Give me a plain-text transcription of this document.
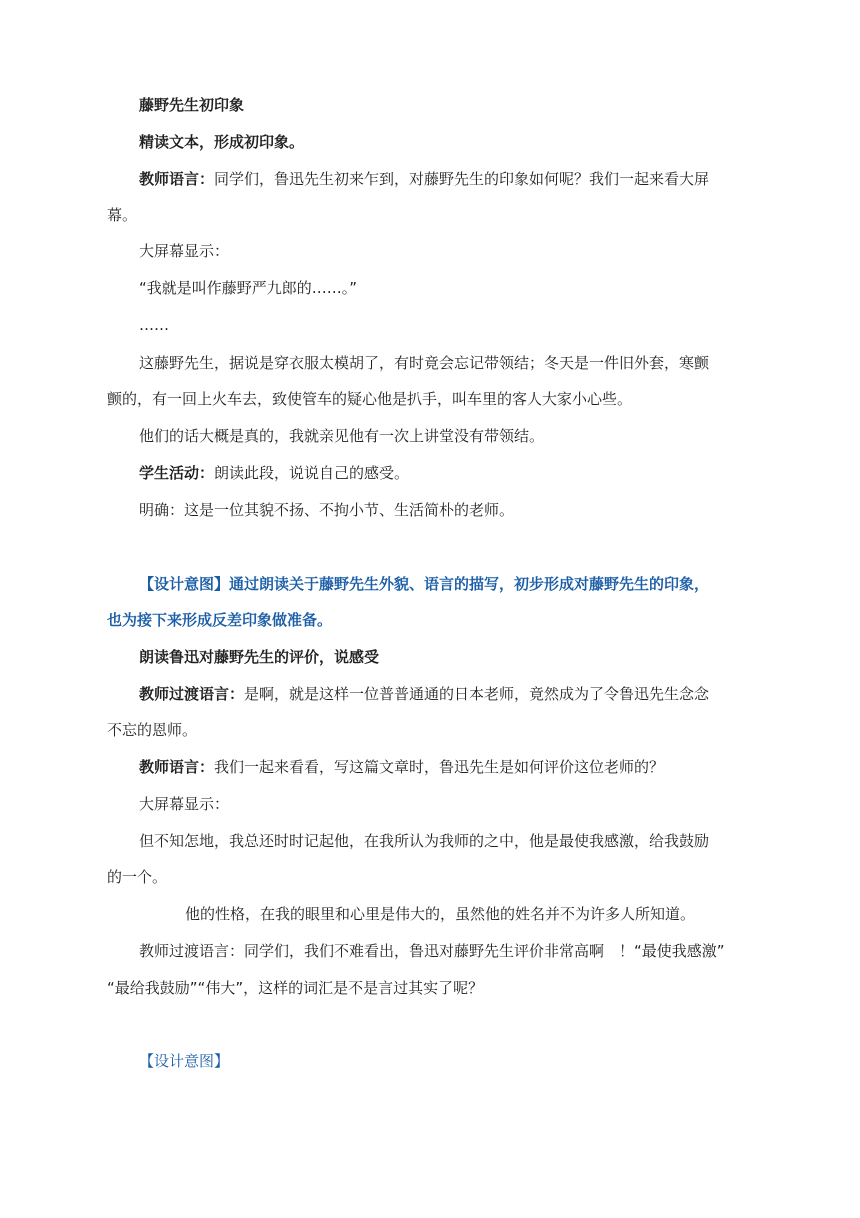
藤野先生初印象
精读文本，形成初印象。
教师语言：同学们，鲁迅先生初来乍到，对藤野先生的印象如何呢？我们一起来看大屏
幕。
大屏幕显示：
“我就是叫作藤野严九郎的……。”
……
这藤野先生，据说是穿衣服太模胡了，有时竟会忘记带领结；冬天是一件旧外套，寒颤
颤的，有一回上火车去，致使管车的疑心他是扒手，叫车里的客人大家小心些。
他们的话大概是真的，我就亲见他有一次上讲堂没有带领结。
学生活动：朗读此段，说说自己的感受。
明确：这是一位其貌不扬、不拘小节、生活简朴的老师。
【设计意图】通过朗读关于藤野先生外貌、语言的描写，初步形成对藤野先生的印象，
也为接下来形成反差印象做准备。
朗读鲁迅对藤野先生的评价，说感受
教师过渡语言：是啊，就是这样一位普普通通的日本老师，竟然成为了令鲁迅先生念念
不忘的恩师。
教师语言：我们一起来看看，写这篇文章时，鲁迅先生是如何评价这位老师的？
大屏幕显示：
但不知怎地，我总还时时记起他，在我所认为我师的之中，他是最使我感激，给我鼓励
的一个。
他的性格，在我的眼里和心里是伟大的，虽然他的姓名并不为许多人所知道。
教师过渡语言：同学们，我们不难看出，鲁迅对藤野先生评价非常高啊　！“最使我感激”
“最给我鼓励”“伟大”，这样的词汇是不是言过其实了呢？
【设计意图】
